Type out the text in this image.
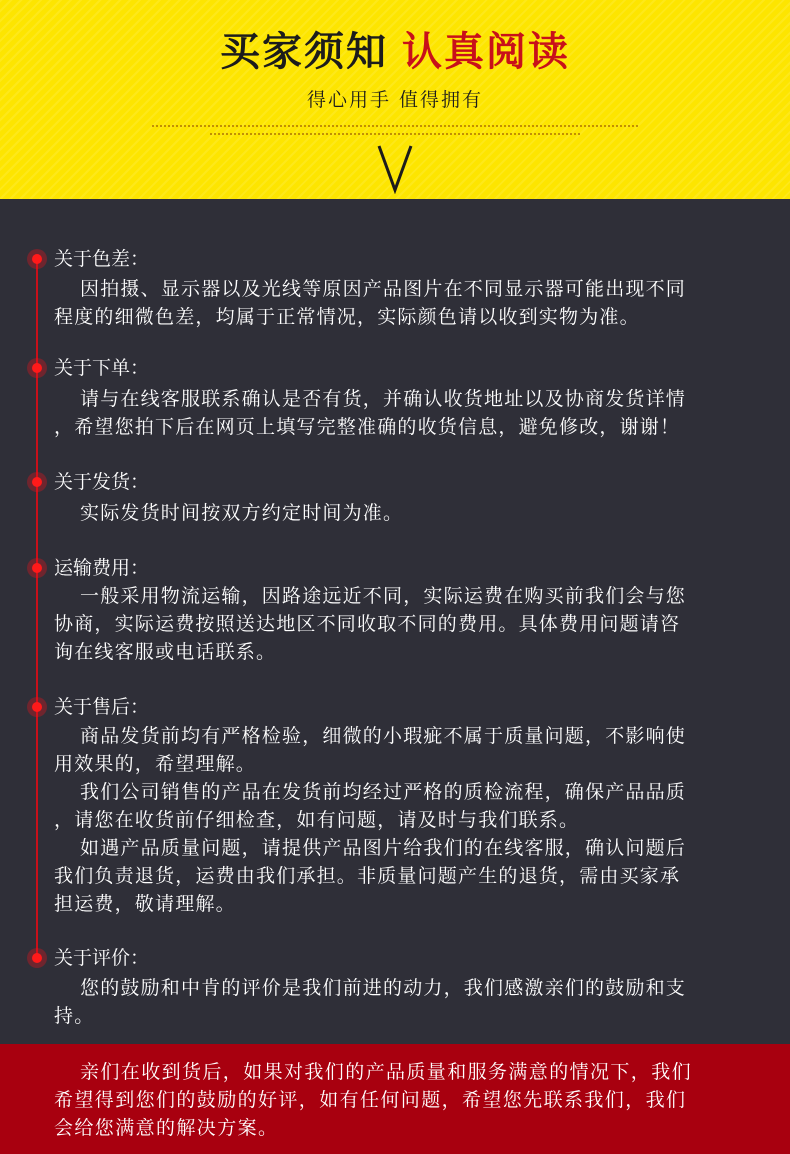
买家须知 认真阅读
得心用手 值得拥有
关于色差：
因拍摄、显示器以及光线等原因产品图片在不同显示器可能出现不同
程度的细微色差，均属于正常情况，实际颜色请以收到实物为准。
关于下单：
请与在线客服联系确认是否有货，并确认收货地址以及协商发货详情
，希望您拍下后在网页上填写完整准确的收货信息，避免修改，谢谢！
关于发货：
实际发货时间按双方约定时间为准。
运输费用：
一般采用物流运输，因路途远近不同，实际运费在购买前我们会与您
协商，实际运费按照送达地区不同收取不同的费用。具体费用问题请咨
询在线客服或电话联系。
关于售后：
商品发货前均有严格检验，细微的小瑕疵不属于质量问题，不影响使
用效果的，希望理解。
我们公司销售的产品在发货前均经过严格的质检流程，确保产品品质
，请您在收货前仔细检查，如有问题，请及时与我们联系。
如遇产品质量问题，请提供产品图片给我们的在线客服，确认问题后
我们负责退货，运费由我们承担。非质量问题产生的退货，需由买家承
担运费，敬请理解。
关于评价：
您的鼓励和中肯的评价是我们前进的动力，我们感激亲们的鼓励和支
持。
亲们在收到货后，如果对我们的产品质量和服务满意的情况下，我们
希望得到您们的鼓励的好评，如有任何问题，希望您先联系我们，我们
会给您满意的解决方案。
